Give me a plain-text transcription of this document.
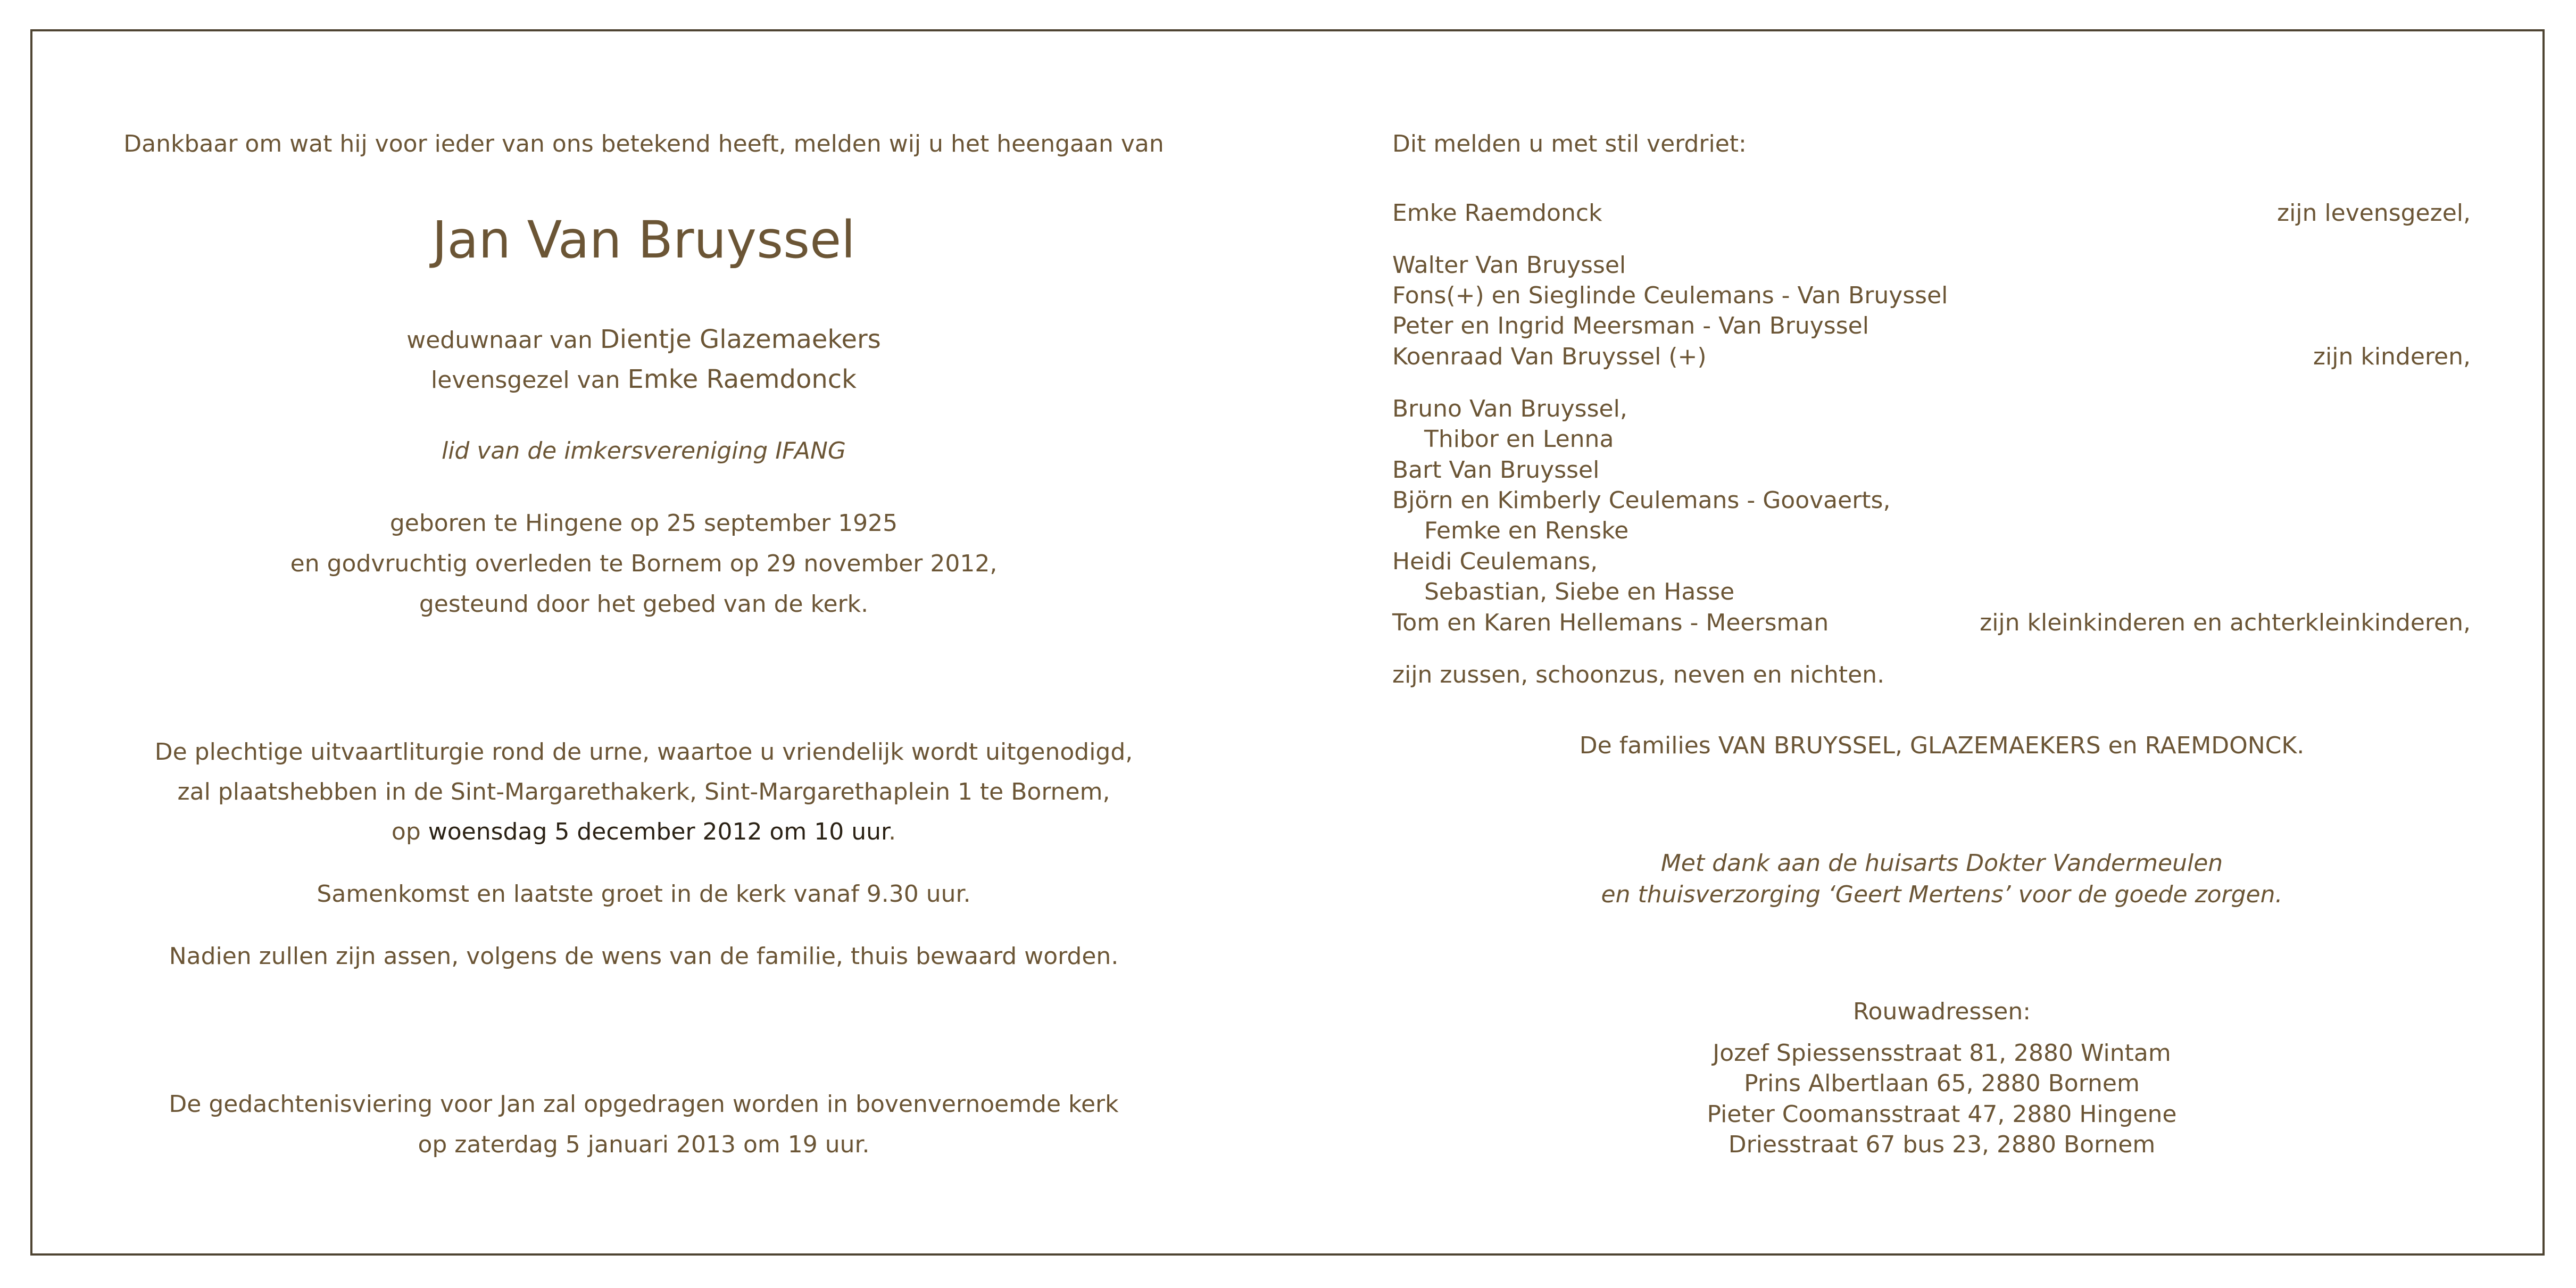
Dankbaar om wat hij voor ieder van ons betekend heeft, melden wij u het heengaan van
Jan Van Bruyssel
weduwnaar van Dientje Glazemaekers
levensgezel van Emke Raemdonck
lid van de imkersvereniging IFANG
geboren te Hingene op 25 september 1925
en godvruchtig overleden te Bornem op 29 november 2012,
gesteund door het gebed van de kerk.
De plechtige uitvaartliturgie rond de urne, waartoe u vriendelijk wordt uitgenodigd,
zal plaatshebben in de Sint-Margarethakerk, Sint-Margarethaplein 1 te Bornem,
op woensdag 5 december 2012 om 10 uur.
Samenkomst en laatste groet in de kerk vanaf 9.30 uur.
Nadien zullen zijn assen, volgens de wens van de familie, thuis bewaard worden.
De gedachtenisviering voor Jan zal opgedragen worden in bovenvernoemde kerk
op zaterdag 5 januari 2013 om 19 uur.
Dit melden u met stil verdriet:
Emke Raemdonck	zijn levensgezel,
Walter Van Bruyssel
Fons(+) en Sieglinde Ceulemans - Van Bruyssel
Peter en Ingrid Meersman - Van Bruyssel
Koenraad Van Bruyssel (+)	zijn kinderen,
Bruno Van Bruyssel,
Thibor en Lenna
Bart Van Bruyssel
Björn en Kimberly Ceulemans - Goovaerts,
Femke en Renske
Heidi Ceulemans,
Sebastian, Siebe en Hasse
Tom en Karen Hellemans - Meersman	zijn kleinkinderen en achterkleinkinderen,
zijn zussen, schoonzus, neven en nichten.
De families VAN BRUYSSEL, GLAZEMAEKERS en RAEMDONCK.
Met dank aan de huisarts Dokter Vandermeulen
en thuisverzorging ‘Geert Mertens’ voor de goede zorgen.
Rouwadressen:
Jozef Spiessensstraat 81, 2880 Wintam
Prins Albertlaan 65, 2880 Bornem
Pieter Coomansstraat 47, 2880 Hingene
Driesstraat 67 bus 23, 2880 Bornem
